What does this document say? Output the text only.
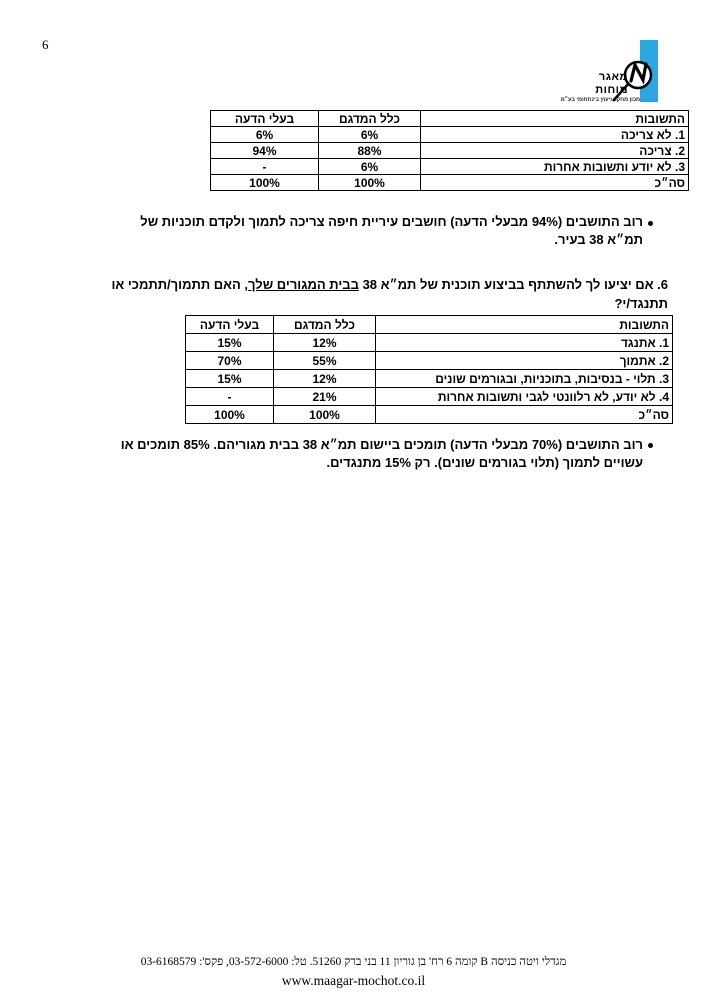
6
מאגר
מוחות
מכון מחקר ויעוץ בינתחומי בע״מ
התשובות	כלל המדגם	בעלי הדעה
1. לא צריכה	6%	6%
2. צריכה	88%	94%
3. לא יודע ותשובות אחרות	6%	-
סה״כ	100%	100%
רוב התושבים (94% מבעלי הדעה) חושבים עיריית חיפה צריכה לתמוך ולקדם תוכניות של
תמ״א 38 בעיר.
6. אם יציעו לך להשתתף בביצוע תוכנית של תמ״א 38 בבית המגורים שלך, האם תתמוך/תתמכי או
תתנגד/י?
התשובות	כלל המדגם	בעלי הדעה
1. אתנגד	12%	15%
2. אתמוך	55%	70%
3. תלוי - בנסיבות, בתוכניות, ובגורמים שונים	12%	15%
4. לא יודע, לא רלוונטי לגבי ותשובות אחרות	21%	-
סה״כ	100%	100%
רוב התושבים (70% מבעלי הדעה) תומכים ביישום תמ״א 38 בבית מגוריהם. 85% תומכים או
עשויים לתמוך (תלוי בגורמים שונים). רק 15% מתנגדים.
מגדלי ויטה כניסה B קומה 6 רח' בן גוריון 11 בני ברק 51260. טל: 03-572-6000, פקס': 03-6168579
www.maagar-mochot.co.il
